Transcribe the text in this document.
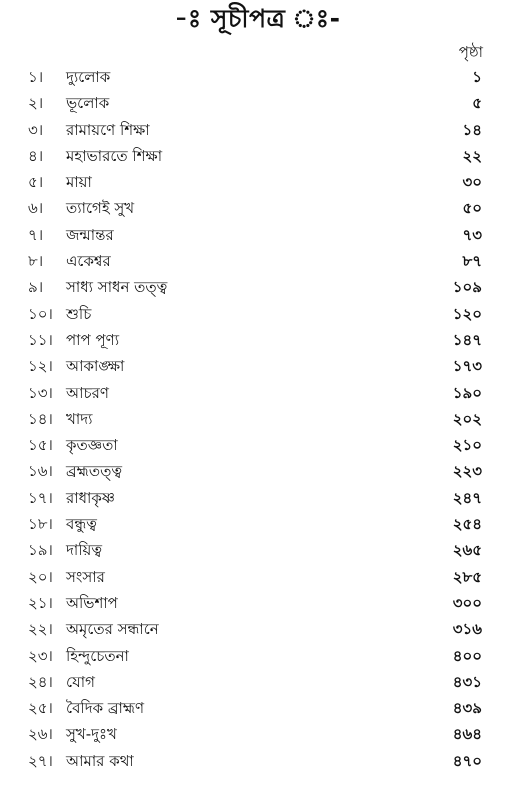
-ঃ সূচীপত্র ঃ-
পৃষ্ঠা
১। দ্যুলোক	১
২। ভূলোক	৫
৩। রামায়ণে শিক্ষা	১৪
৪। মহাভারতে শিক্ষা	২২
৫। মায়া	৩০
৬। ত্যাগেই সুখ	৫০
৭। জন্মান্তর	৭৩
৮। একেশ্বর	৮৭
৯। সাধ্য সাধন তত্ত্ব	১০৯
১০। শুচি	১২০
১১। পাপ পূণ্য	১৪৭
১২। আকাঙ্ক্ষা	১৭৩
১৩। আচরণ	১৯০
১৪। খাদ্য	২০২
১৫। কৃতজ্ঞতা	২১০
১৬। ব্রহ্মতত্ত্ব	২২৩
১৭। রাধাকৃষ্ণ	২৪৭
১৮। বন্ধুত্ব	২৫৪
১৯। দায়িত্ব	২৬৫
২০। সংসার	২৮৫
২১। অভিশাপ	৩০০
২২। অমৃতের সন্ধানে	৩১৬
২৩। হিন্দুচেতনা	৪০০
২৪। যোগ	৪৩১
২৫। বৈদিক ব্রাহ্মণ	৪৩৯
২৬। সুখ-দুঃখ	৪৬৪
২৭। আমার কথা	৪৭০
